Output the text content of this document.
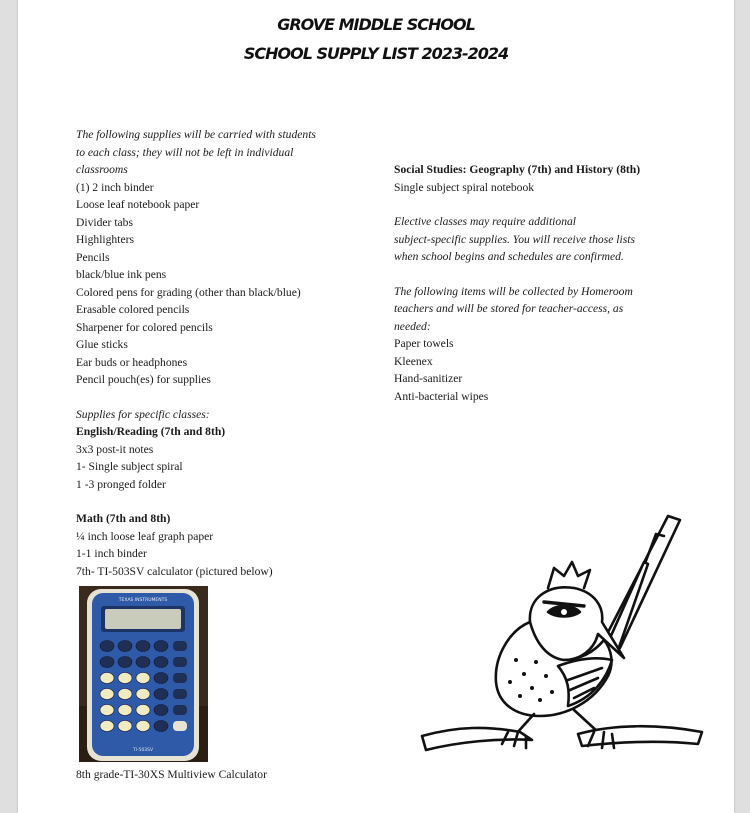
GROVE MIDDLE SCHOOL
SCHOOL SUPPLY LIST 2023-2024
The following supplies will be carried with students
to each class; they will not be left in individual
classrooms
(1) 2 inch binder
Loose leaf notebook paper
Divider tabs
Highlighters
Pencils
black/blue ink pens
Colored pens for grading (other than black/blue)
Erasable colored pencils
Sharpener for colored pencils
Glue sticks
Ear buds or headphones
Pencil pouch(es) for supplies
Supplies for specific classes:
English/Reading (7th and 8th)
3x3 post-it notes
1- Single subject spiral
1 -3 pronged folder
Math (7th and 8th)
¼ inch loose leaf graph paper
1-1 inch binder
7th- TI-503SV calculator (pictured below)
TEXAS INSTRUMENTS
TI-503SV
8th grade-TI-30XS Multiview Calculator
Social Studies: Geography (7th) and History (8th)
Single subject spiral notebook
Elective classes may require additional
subject-specific supplies. You will receive those lists
when school begins and schedules are confirmed.
The following items will be collected by Homeroom
teachers and will be stored for teacher-access, as
needed:
Paper towels
Kleenex
Hand-sanitizer
Anti-bacterial wipes
